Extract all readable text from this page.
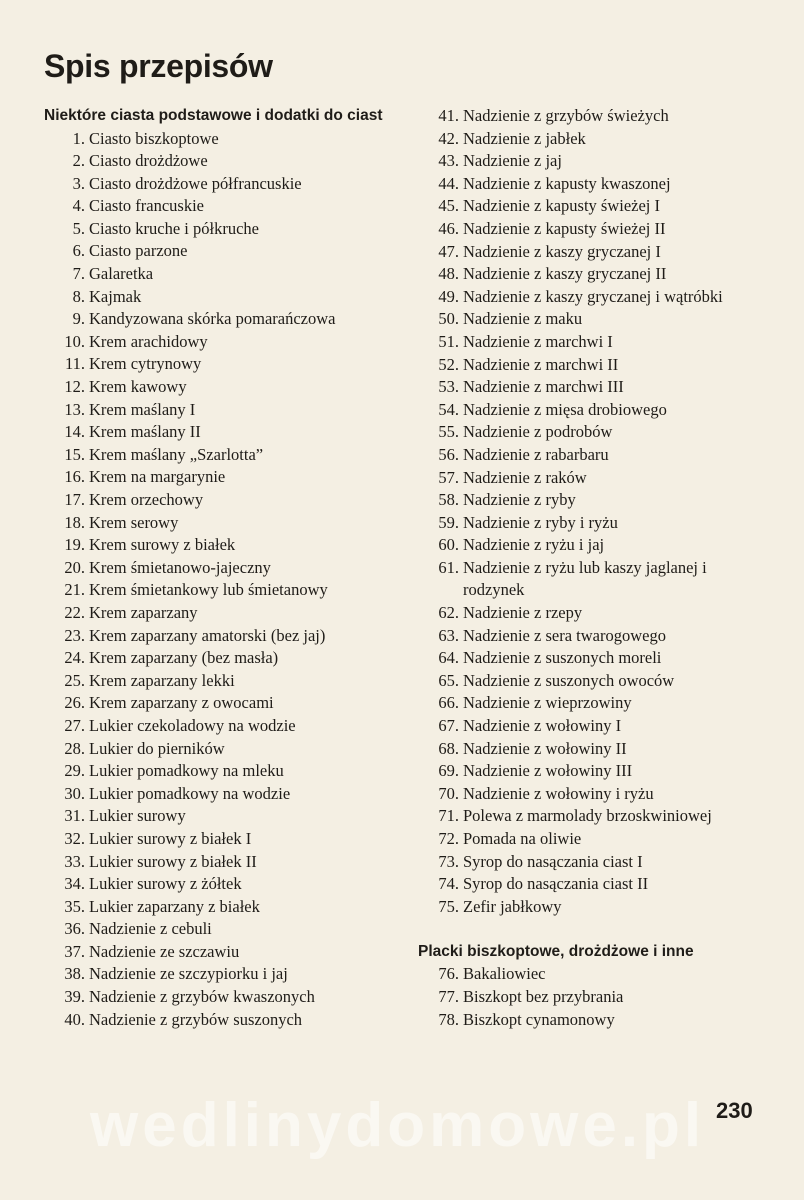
Spis przepisów

Niektóre ciasta podstawowe i dodatki do ciast

1. Ciasto biszkoptowe
2. Ciasto drożdżowe
3. Ciasto drożdżowe półfrancuskie
4. Ciasto francuskie
5. Ciasto kruche i półkruche
6. Ciasto parzone
7. Galaretka
8. Kajmak
9. Kandyzowana skórka pomarańczowa
10. Krem arachidowy
11. Krem cytrynowy
12. Krem kawowy
13. Krem maślany I
14. Krem maślany II
15. Krem maślany „Szarlotta”
16. Krem na margarynie
17. Krem orzechowy
18. Krem serowy
19. Krem surowy z białek
20. Krem śmietanowo-jajeczny
21. Krem śmietankowy lub śmietanowy
22. Krem zaparzany
23. Krem zaparzany amatorski (bez jaj)
24. Krem zaparzany (bez masła)
25. Krem zaparzany lekki
26. Krem zaparzany z owocami
27. Lukier czekoladowy na wodzie
28. Lukier do pierników
29. Lukier pomadkowy na mleku
30. Lukier pomadkowy na wodzie
31. Lukier surowy
32. Lukier surowy z białek I
33. Lukier surowy z białek II
34. Lukier surowy z żółtek
35. Lukier zaparzany z białek
36. Nadzienie z cebuli
37. Nadzienie ze szczawiu
38. Nadzienie ze szczypiorku i jaj
39. Nadzienie z grzybów kwaszonych
40. Nadzienie z grzybów suszonych
41. Nadzienie z grzybów świeżych
42. Nadzienie z jabłek
43. Nadzienie z jaj
44. Nadzienie z kapusty kwaszonej
45. Nadzienie z kapusty świeżej I
46. Nadzienie z kapusty świeżej II
47. Nadzienie z kaszy gryczanej I
48. Nadzienie z kaszy gryczanej II
49. Nadzienie z kaszy gryczanej i wątróbki
50. Nadzienie z maku
51. Nadzienie z marchwi I
52. Nadzienie z marchwi II
53. Nadzienie z marchwi III
54. Nadzienie z mięsa drobiowego
55. Nadzienie z podrobów
56. Nadzienie z rabarbaru
57. Nadzienie z raków
58. Nadzienie z ryby
59. Nadzienie z ryby i ryżu
60. Nadzienie z ryżu i jaj
61. Nadzienie z ryżu lub kaszy jaglanej i rodzynek
62. Nadzienie z rzepy
63. Nadzienie z sera twarogowego
64. Nadzienie z suszonych moreli
65. Nadzienie z suszonych owoców
66. Nadzienie z wieprzowiny
67. Nadzienie z wołowiny I
68. Nadzienie z wołowiny II
69. Nadzienie z wołowiny III
70. Nadzienie z wołowiny i ryżu
71. Polewa z marmolady brzoskwiniowej
72. Pomada na oliwie
73. Syrop do nasączania ciast I
74. Syrop do nasączania ciast II
75. Zefir jabłkowy

Placki biszkoptowe, drożdżowe i inne

76. Bakaliowiec
77. Biszkopt bez przybrania
78. Biszkopt cynamonowy
wedlinydomowe.pl 230
